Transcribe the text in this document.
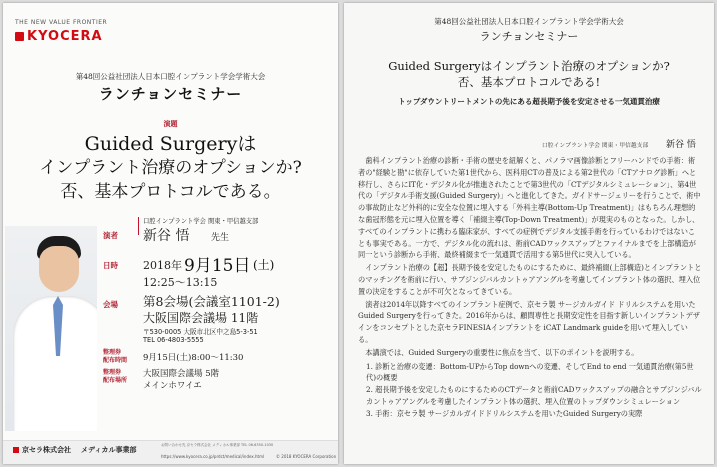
THE NEW VALUE FRONTIER
KYOCERA
第48回公益社団法人日本口腔インプラント学会学術大会
ランチョンセミナー
演題
Guided Surgeryは
インプラント治療のオプションか?
否、基本プロトコルである。
演者
口腔インプラント学会 関東・甲信越支部
新谷 悟 先生
日時 2018年 9月15日 (土)
12:25～13:15
会場 第8会場(会議室1101-2)
大阪国際会議場 11階
〒530-0005 大阪市北区中之島5-3-51
TEL 06-4803-5555
整理券
配布時間 9月15日(土)8:00～11:30
整理券
配布場所
大阪国際会議場 5階
メインホワイエ
京セラ株式会社 メディカル事業部
お問い合わせ先 京セラ株式会社 メディカル事業部 TEL 06-6350-1030
https://www.kyocera.co.jp/prdct/medical/index.html	© 2018 KYOCERA Corporation
第48回公益社団法人日本口腔インプラント学会学術大会
ランチョンセミナー
Guided Surgeryはインプラント治療のオプションか?
否、基本プロトコルである!
トップダウントリートメントの先にある超長期予後を安定させる一気通貫治療
口腔インプラント学会 関東・甲信越支部 新谷 悟

歯科インプラント治療の診断・手術の歴史を紐解くと、パノラマ画像診断とフリーハンドでの手術：術者の"経験と勘"に依存していた第1世代から、医科用CTの普及による第2世代の「CTアナログ診断」へと移行し、さらにIT化・デジタル化が推進されたことで第3世代の「CTデジタルシミュレーション」、第4世代の「デジタル手術支援(Guided Surgery)」へと進化してきた。ガイドサージェリーを行うことで、術中の事故防止など外科的に安全な位置に埋入する「外科主導(Bottom-Up Treatment)」はもちろん理想的な歯冠形態を元に埋入位置を導く「補綴主導(Top-Down Treatment)」が現実のものとなった。しかし、すべてのインプラントに携わる臨床家が、すべての症例でデジタル支援手術を行っているわけではないことも事実である。一方で、デジタル化の流れは、術前CADワックスアップとファイナルまでを上部構造が同一という診断から手術、最終補綴まで一気通貫で活用する第5世代に突入している。

インプラント治療の【超】長期予後を安定したものにするために、最終補綴(上部構造)とインプラントとのマッチングを術前に行い、サブジンジバルカントゥアアングルを考慮してインプラント体の選択、埋入位置の決定をすることが不可欠となってきている。

演者は2014年以降すべてのインプラント症例で、京セラ製 サージカルガイド ドリルシステムを用いたGuided Surgeryを行ってきた。2016年からは、顧問専性と長期安定性を目指す新しいインプラントデザインをコンセプトとした京セラFINESIAインプラントを iCAT Landmark guideを用いて埋入している。

本講演では、Guided Surgeryの重要性に焦点を当て、以下のポイントを説明する。

1. 診断と治療の変遷：Bottom-UPからTop downへの変遷、そしてEnd to end 一気通貫治療(第5世代)の概要
2. 超長期予後を安定したものにするためのCTデータと術前CADワックスアップの融合とサブジンジバルカントゥアアングルを考慮したインプラント体の選択、埋入位置のトップダウンシミュレーション
3. 手術：京セラ製 サージカルガイドドリルシステムを用いたGuided Surgeryの実際
